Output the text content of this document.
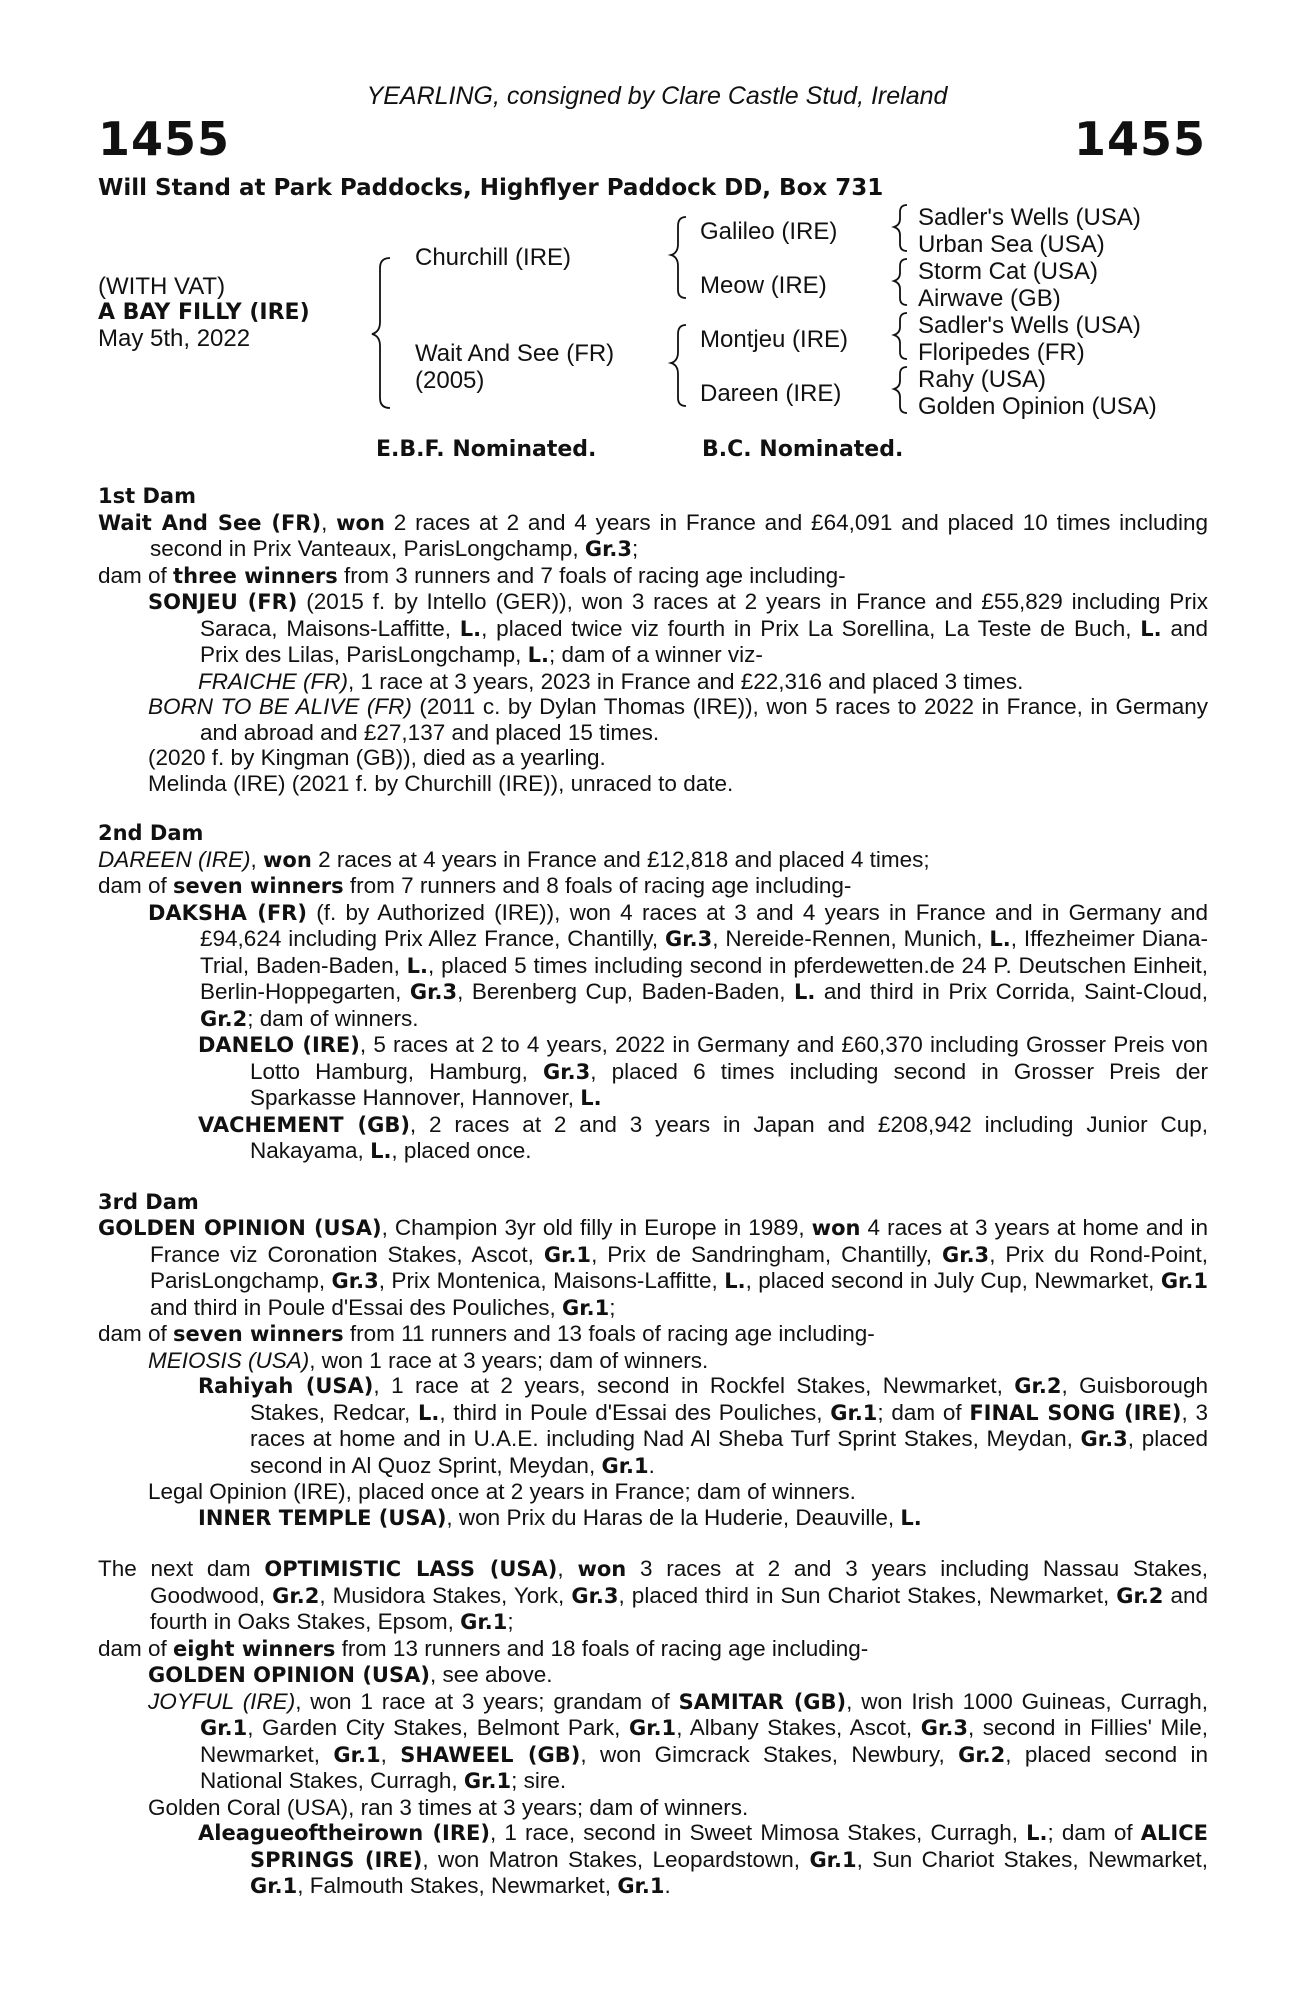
YEARLING, consigned by Clare Castle Stud, Ireland
1455	1455
Will Stand at Park Paddocks, Highflyer Paddock DD, Box 731
(WITH VAT)
A BAY FILLY (IRE)
May 5th, 2022
Churchill (IRE)
Wait And See (FR)
(2005)
Galileo (IRE)
Meow (IRE)
Montjeu (IRE)
Dareen (IRE)
Sadler's Wells (USA)
Urban Sea (USA)
Storm Cat (USA)
Airwave (GB)
Sadler's Wells (USA)
Floripedes (FR)
Rahy (USA)
Golden Opinion (USA)
E.B.F. Nominated.	B.C. Nominated.
1st Dam
Wait And See (FR), won 2 races at 2 and 4 years in France and £64,091 and placed 10 times including second in Prix Vanteaux, ParisLongchamp, Gr.3;
dam of three winners from 3 runners and 7 foals of racing age including-
SONJEU (FR) (2015 f. by Intello (GER)), won 3 races at 2 years in France and £55,829 including Prix Saraca, Maisons-Laffitte, L., placed twice viz fourth in Prix La Sorellina, La Teste de Buch, L. and Prix des Lilas, ParisLongchamp, L.; dam of a winner viz-
FRAICHE (FR), 1 race at 3 years, 2023 in France and £22,316 and placed 3 times.
BORN TO BE ALIVE (FR) (2011 c. by Dylan Thomas (IRE)), won 5 races to 2022 in France, in Germany and abroad and £27,137 and placed 15 times.
(2020 f. by Kingman (GB)), died as a yearling.
Melinda (IRE) (2021 f. by Churchill (IRE)), unraced to date.
2nd Dam
DAREEN (IRE), won 2 races at 4 years in France and £12,818 and placed 4 times;
dam of seven winners from 7 runners and 8 foals of racing age including-
DAKSHA (FR) (f. by Authorized (IRE)), won 4 races at 3 and 4 years in France and in Germany and £94,624 including Prix Allez France, Chantilly, Gr.3, Nereide-Rennen, Munich, L., Iffezheimer Diana-Trial, Baden-Baden, L., placed 5 times including second in pferdewetten.de 24 P. Deutschen Einheit, Berlin-Hoppegarten, Gr.3, Berenberg Cup, Baden-Baden, L. and third in Prix Corrida, Saint-Cloud, Gr.2; dam of winners.
DANELO (IRE), 5 races at 2 to 4 years, 2022 in Germany and £60,370 including Grosser Preis von Lotto Hamburg, Hamburg, Gr.3, placed 6 times including second in Grosser Preis der Sparkasse Hannover, Hannover, L.
VACHEMENT (GB), 2 races at 2 and 3 years in Japan and £208,942 including Junior Cup, Nakayama, L., placed once.
3rd Dam
GOLDEN OPINION (USA), Champion 3yr old filly in Europe in 1989, won 4 races at 3 years at home and in France viz Coronation Stakes, Ascot, Gr.1, Prix de Sandringham, Chantilly, Gr.3, Prix du Rond-Point, ParisLongchamp, Gr.3, Prix Montenica, Maisons-Laffitte, L., placed second in July Cup, Newmarket, Gr.1 and third in Poule d'Essai des Pouliches, Gr.1;
dam of seven winners from 11 runners and 13 foals of racing age including-
MEIOSIS (USA), won 1 race at 3 years; dam of winners.
Rahiyah (USA), 1 race at 2 years, second in Rockfel Stakes, Newmarket, Gr.2, Guisborough Stakes, Redcar, L., third in Poule d'Essai des Pouliches, Gr.1; dam of FINAL SONG (IRE), 3 races at home and in U.A.E. including Nad Al Sheba Turf Sprint Stakes, Meydan, Gr.3, placed second in Al Quoz Sprint, Meydan, Gr.1.
Legal Opinion (IRE), placed once at 2 years in France; dam of winners.
INNER TEMPLE (USA), won Prix du Haras de la Huderie, Deauville, L.
The next dam OPTIMISTIC LASS (USA), won 3 races at 2 and 3 years including Nassau Stakes, Goodwood, Gr.2, Musidora Stakes, York, Gr.3, placed third in Sun Chariot Stakes, Newmarket, Gr.2 and fourth in Oaks Stakes, Epsom, Gr.1;
dam of eight winners from 13 runners and 18 foals of racing age including-
GOLDEN OPINION (USA), see above.
JOYFUL (IRE), won 1 race at 3 years; grandam of SAMITAR (GB), won Irish 1000 Guineas, Curragh, Gr.1, Garden City Stakes, Belmont Park, Gr.1, Albany Stakes, Ascot, Gr.3, second in Fillies' Mile, Newmarket, Gr.1, SHAWEEL (GB), won Gimcrack Stakes, Newbury, Gr.2, placed second in National Stakes, Curragh, Gr.1; sire.
Golden Coral (USA), ran 3 times at 3 years; dam of winners.
Aleagueoftheirown (IRE), 1 race, second in Sweet Mimosa Stakes, Curragh, L.; dam of ALICE SPRINGS (IRE), won Matron Stakes, Leopardstown, Gr.1, Sun Chariot Stakes, Newmarket, Gr.1, Falmouth Stakes, Newmarket, Gr.1.
